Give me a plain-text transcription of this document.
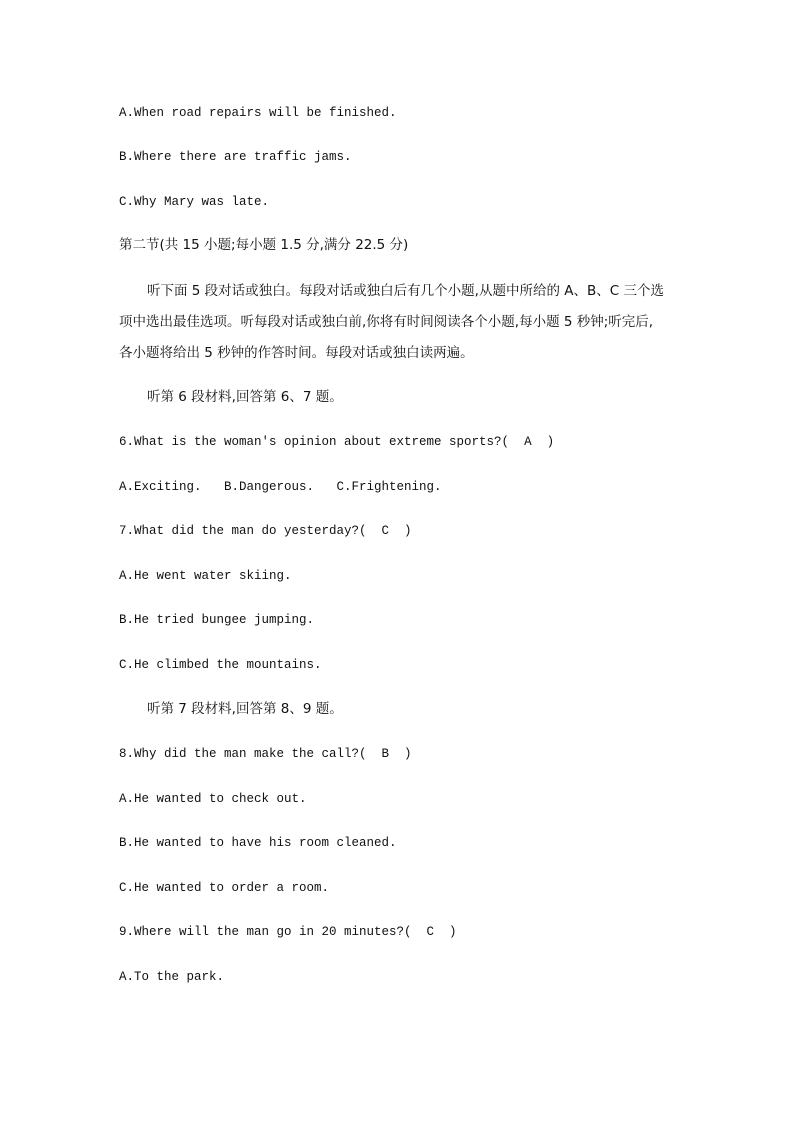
A.When road repairs will be finished.
B.Where there are traffic jams.
C.Why Mary was late.
第二节(共 15 小题;每小题 1.5 分,满分 22.5 分)
听下面 5 段对话或独白。每段对话或独白后有几个小题,从题中所给的 A、B、C 三个选
项中选出最佳选项。听每段对话或独白前,你将有时间阅读各个小题,每小题 5 秒钟;听完后,
各小题将给出 5 秒钟的作答时间。每段对话或独白读两遍。
听第 6 段材料,回答第 6、7 题。
6.What is the woman's opinion about extreme sports?(  A  )
A.Exciting.   B.Dangerous.   C.Frightening.
7.What did the man do yesterday?(  C  )
A.He went water skiing.
B.He tried bungee jumping.
C.He climbed the mountains.
听第 7 段材料,回答第 8、9 题。
8.Why did the man make the call?(  B  )
A.He wanted to check out.
B.He wanted to have his room cleaned.
C.He wanted to order a room.
9.Where will the man go in 20 minutes?(  C  )
A.To the park.
